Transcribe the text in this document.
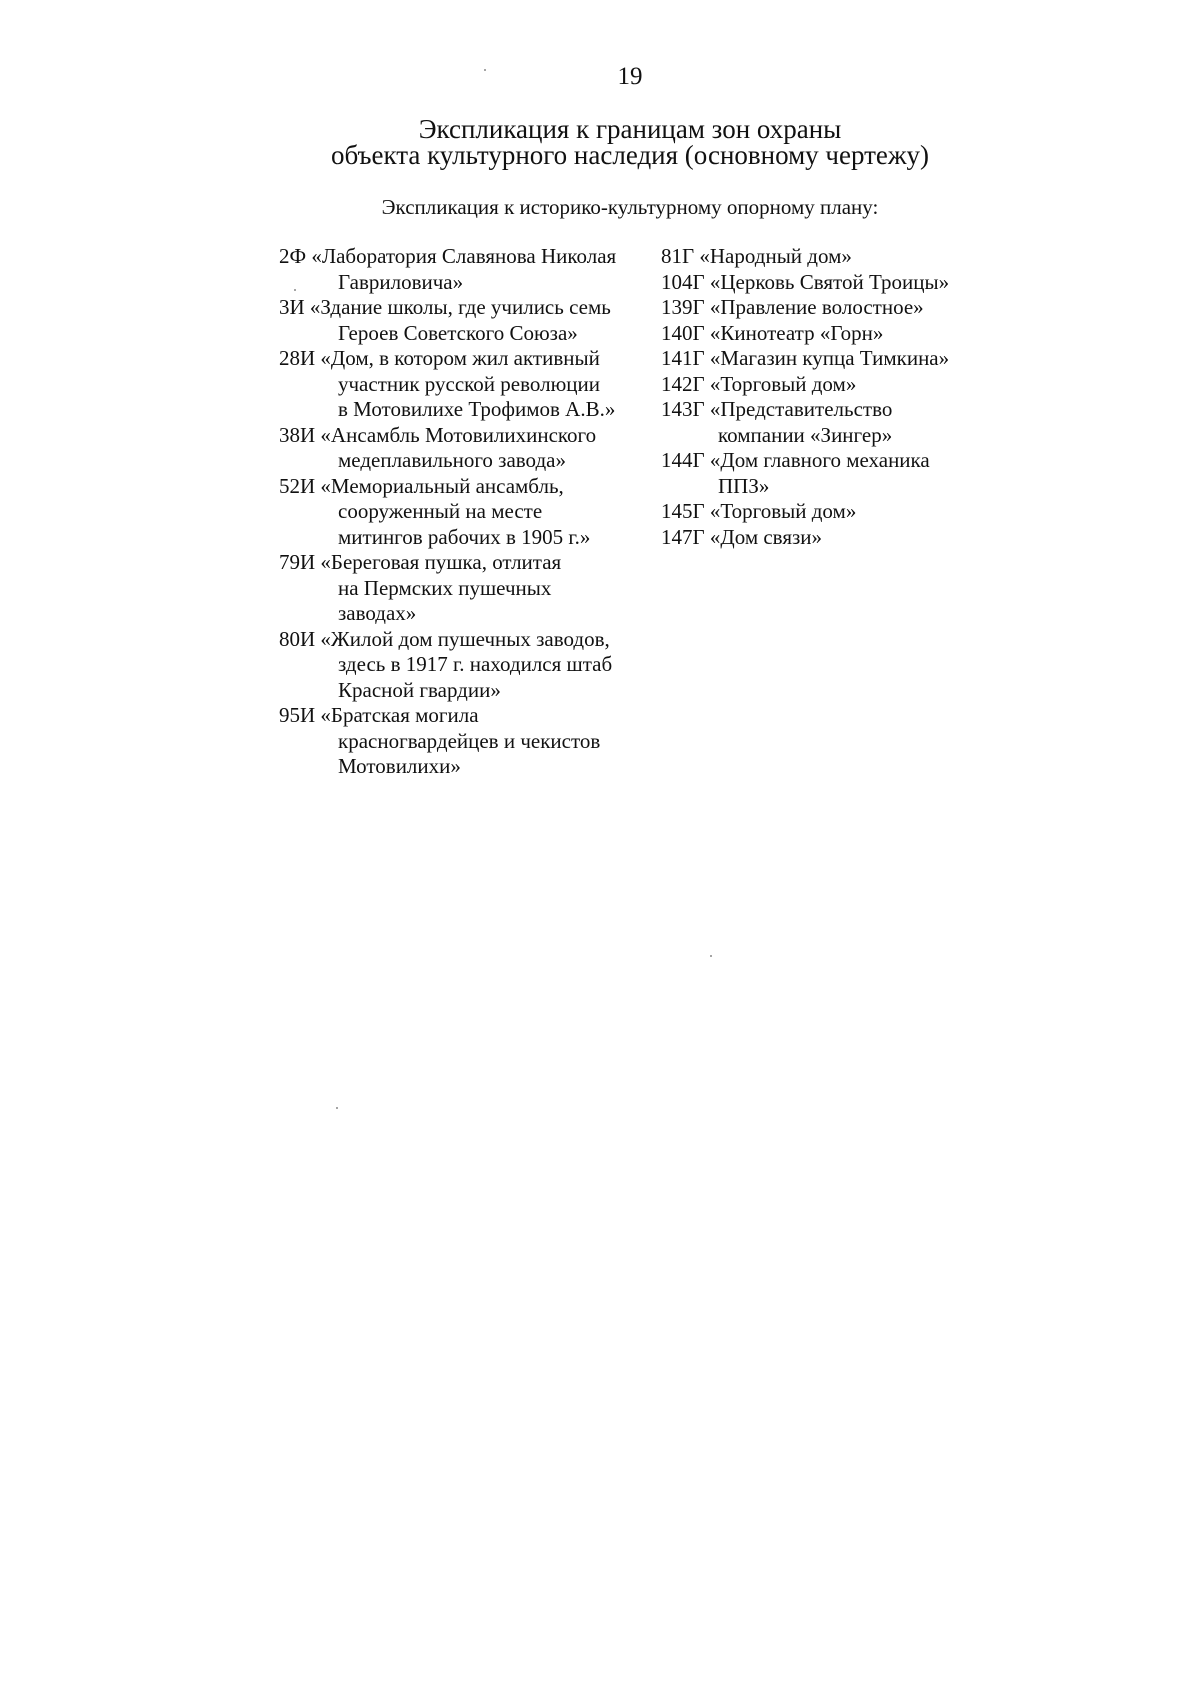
19
Экспликация к границам зон охраны
объекта культурного наследия (основному чертежу)
Экспликация к историко-культурному опорному плану:
2Ф «Лаборатория Славянова Николая
Гавриловича»
3И «Здание школы, где учились семь
Героев Советского Союза»
28И «Дом, в котором жил активный
участник русской революции
в Мотовилихе Трофимов А.В.»
38И «Ансамбль Мотовилихинского
медеплавильного завода»
52И «Мемориальный ансамбль,
сооруженный на месте
митингов рабочих в 1905 г.»
79И «Береговая пушка, отлитая
на Пермских пушечных
заводах»
80И «Жилой дом пушечных заводов,
здесь в 1917 г. находился штаб
Красной гвардии»
95И «Братская могила
красногвардейцев и чекистов
Мотовилихи»
81Г «Народный дом»
104Г «Церковь Святой Троицы»
139Г «Правление волостное»
140Г «Кинотеатр «Горн»
141Г «Магазин купца Тимкина»
142Г «Торговый дом»
143Г «Представительство
компании «Зингер»
144Г «Дом главного механика
ППЗ»
145Г «Торговый дом»
147Г «Дом связи»
